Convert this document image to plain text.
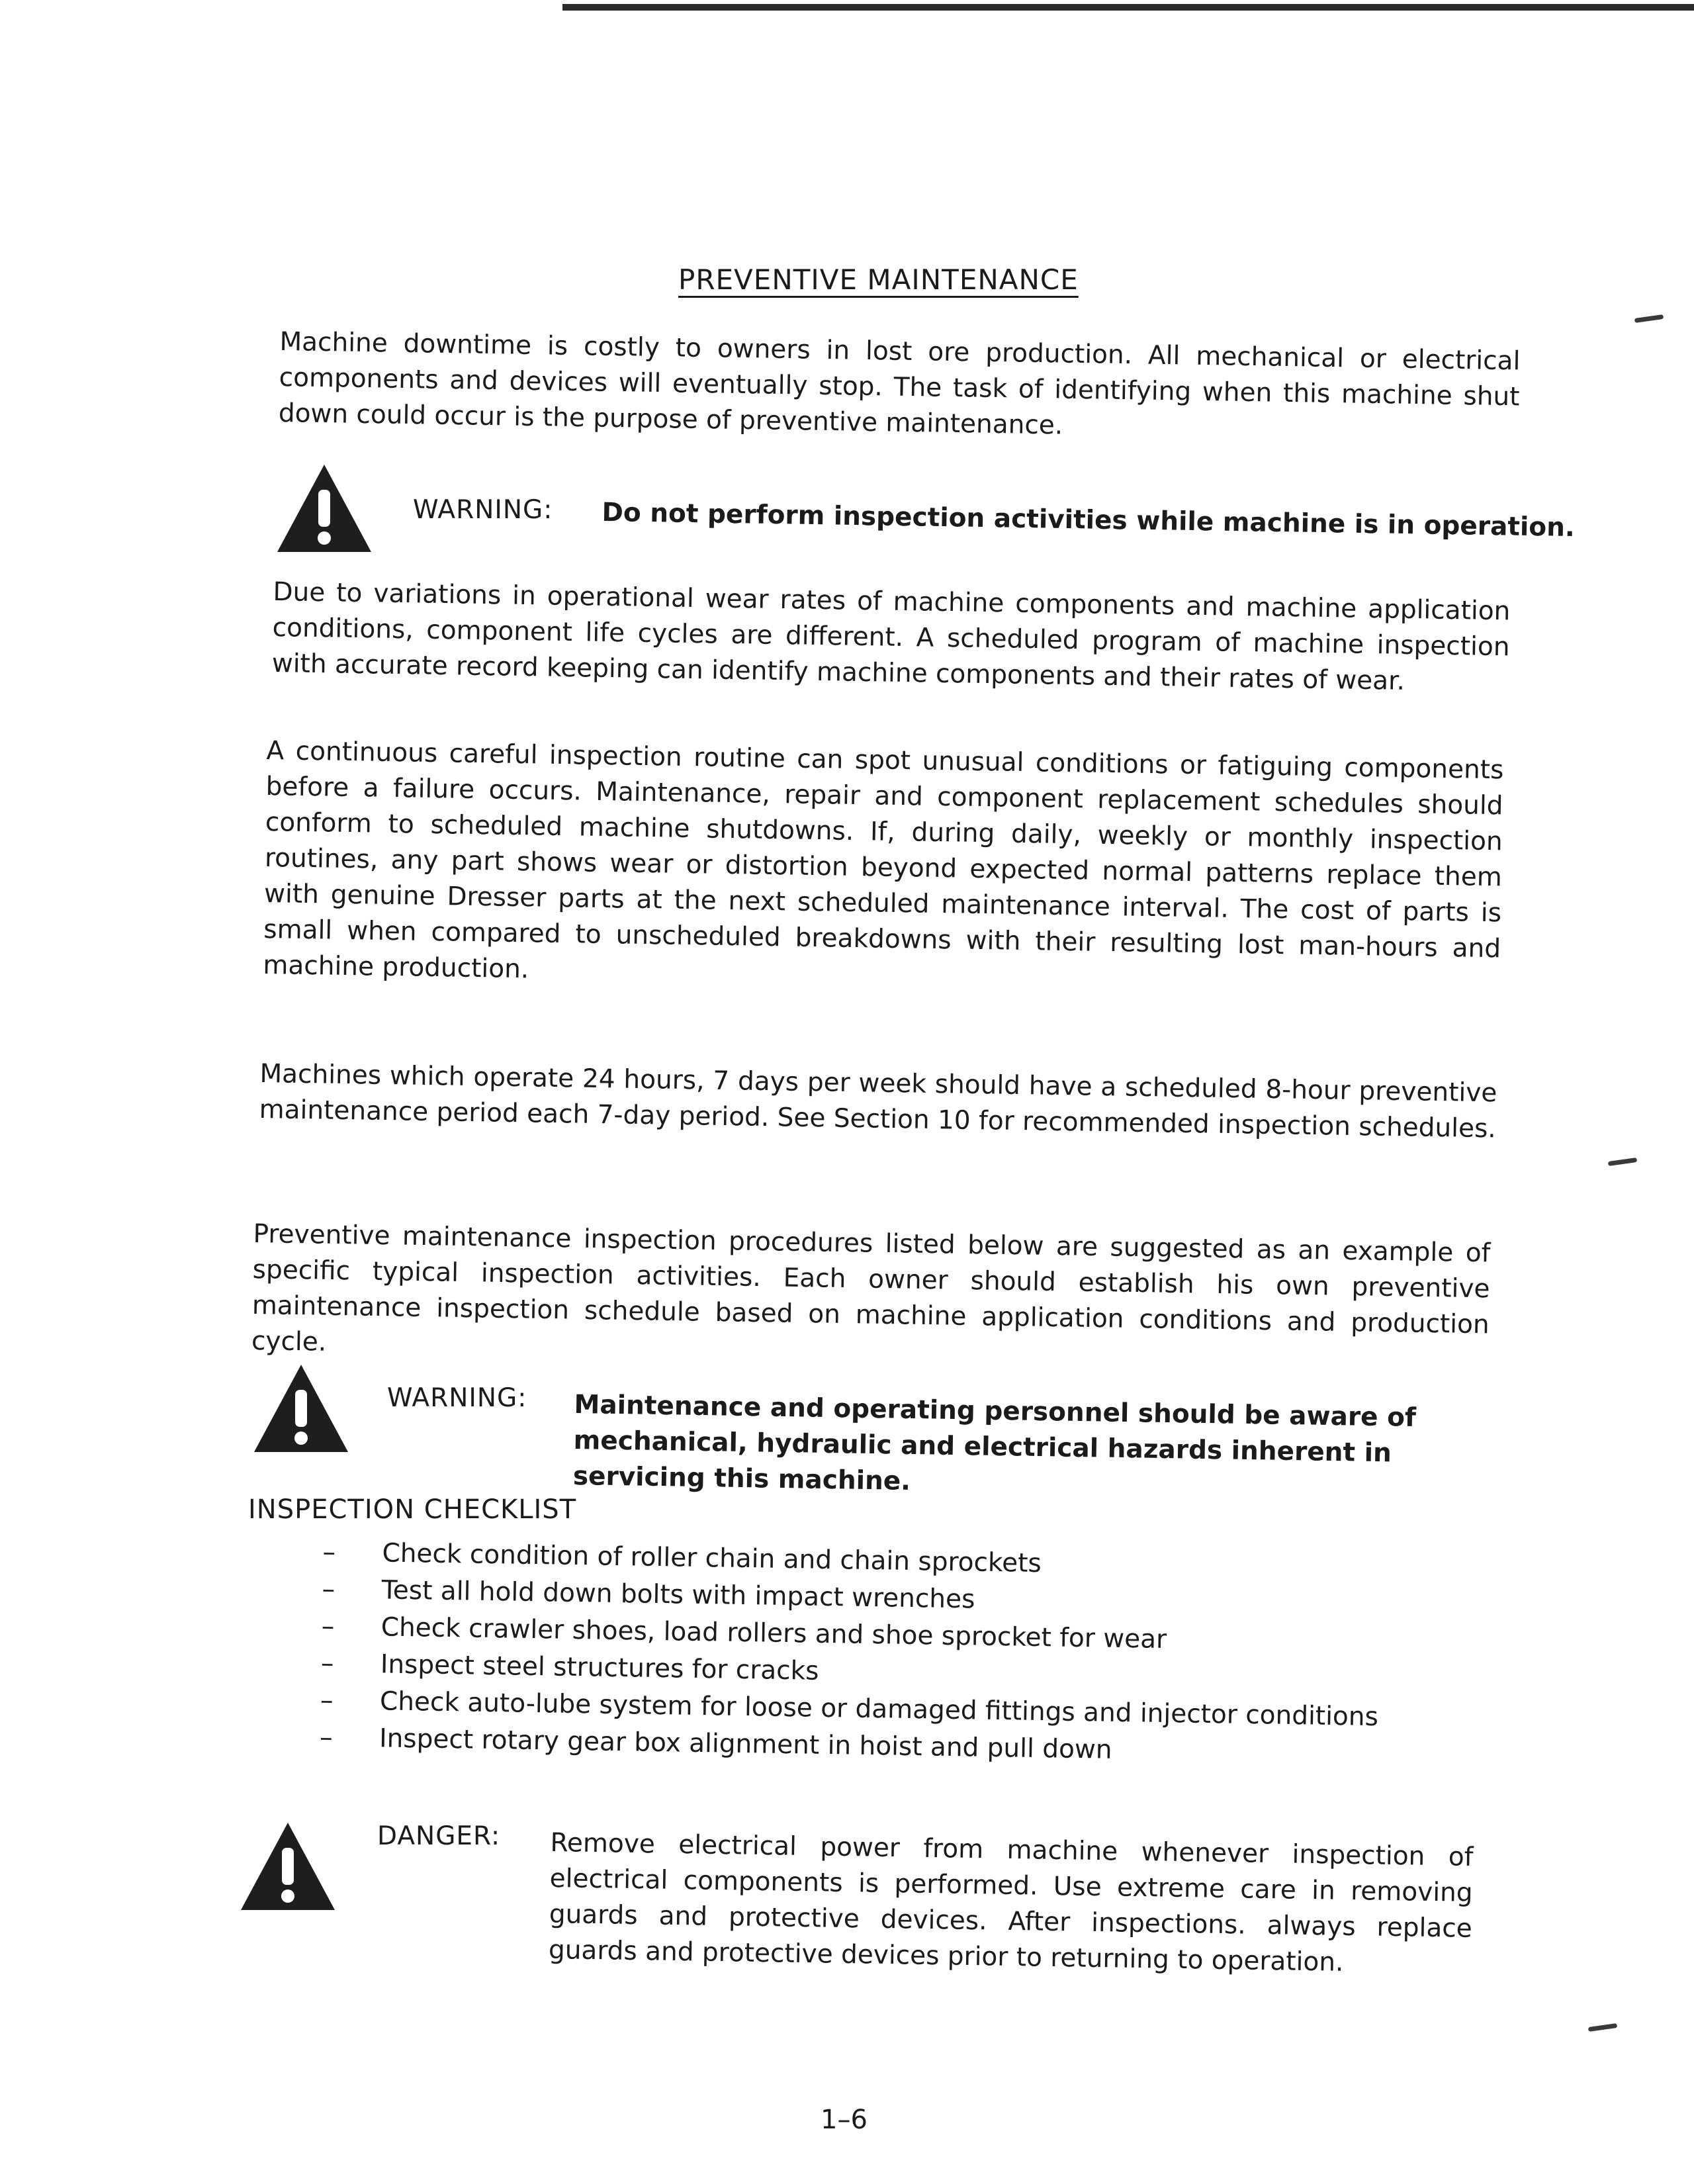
PREVENTIVE MAINTENANCE

Machine downtime is costly to owners in lost ore production. All mechanical or electrical components and devices will eventually stop. The task of identifying when this machine shut down could occur is the purpose of preventive maintenance.

WARNING: Do not perform inspection activities while machine is in operation.

Due to variations in operational wear rates of machine components and machine application conditions, component life cycles are different. A scheduled program of machine inspection with accurate record keeping can identify machine components and their rates of wear.

A continuous careful inspection routine can spot unusual conditions or fatiguing components before a failure occurs. Maintenance, repair and component replacement schedules should conform to scheduled machine shutdowns. If, during daily, weekly or monthly inspection routines, any part shows wear or distortion beyond expected normal patterns replace them with genuine Dresser parts at the next scheduled maintenance interval. The cost of parts is small when compared to unscheduled breakdowns with their resulting lost man-hours and machine production.

Machines which operate 24 hours, 7 days per week should have a scheduled 8-hour preventive maintenance period each 7-day period. See Section 10 for recommended inspection schedules.

Preventive maintenance inspection procedures listed below are suggested as an example of specific typical inspection activities. Each owner should establish his own preventive maintenance inspection schedule based on machine application conditions and production cycle.

WARNING: Maintenance and operating personnel should be aware of mechanical, hydraulic and electrical hazards inherent in servicing this machine.

INSPECTION CHECKLIST
– Check condition of roller chain and chain sprockets
– Test all hold down bolts with impact wrenches
– Check crawler shoes, load rollers and shoe sprocket for wear
– Inspect steel structures for cracks
– Check auto-lube system for loose or damaged fittings and injector conditions
– Inspect rotary gear box alignment in hoist and pull down
DANGER: Remove electrical power from machine whenever inspection of electrical components is performed. Use extreme care in removing guards and protective devices. After inspections. always replace guards and protective devices prior to returning to operation.

1–6
